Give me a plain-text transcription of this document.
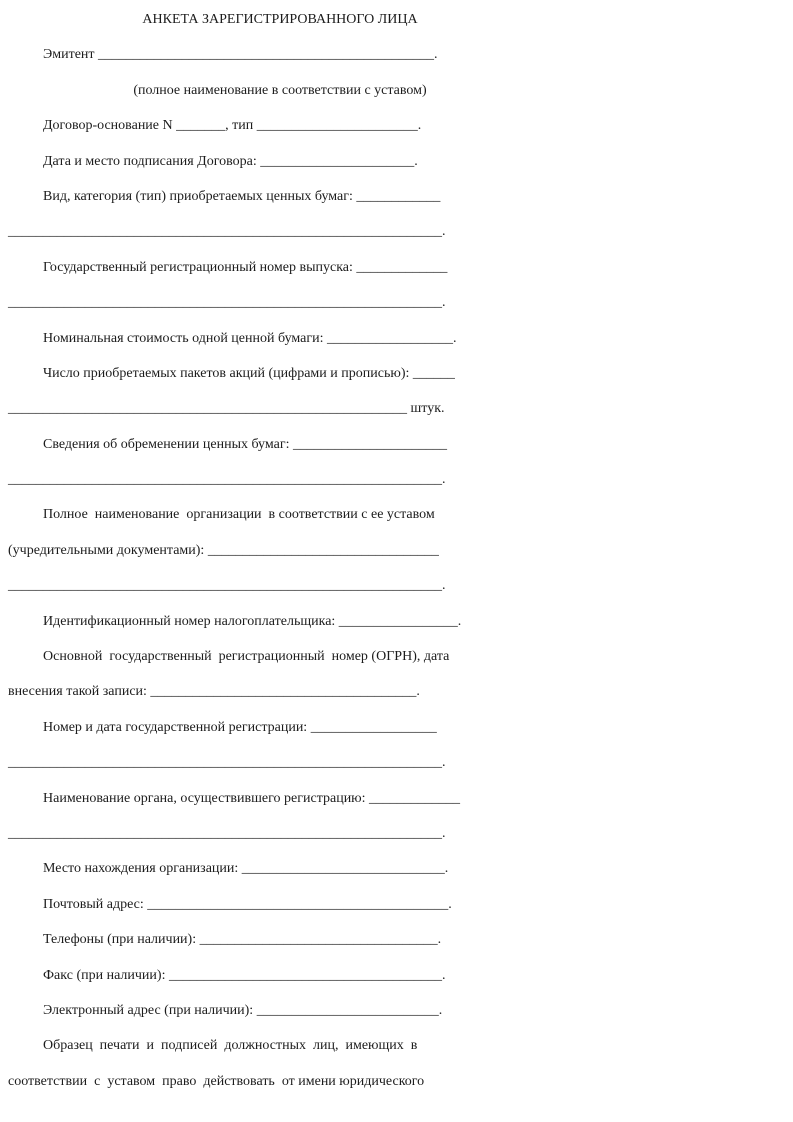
АНКЕТА ЗАРЕГИСТРИРОВАННОГО ЛИЦА
Эмитент ________________________________________________.
(полное наименование в соответствии с уставом)
Договор-основание N _______, тип _______________________.
Дата и место подписания Договора: ______________________.
Вид, категория (тип) приобретаемых ценных бумаг: ____________
______________________________________________________________.
Государственный регистрационный номер выпуска: _____________
______________________________________________________________.
Номинальная стоимость одной ценной бумаги: __________________.
Число приобретаемых пакетов акций (цифрами и прописью): ______
_________________________________________________________ штук.
Сведения об обременении ценных бумаг: ______________________
______________________________________________________________.
Полное  наименование  организации  в соответствии с ее уставом
(учредительными документами): _________________________________
______________________________________________________________.
Идентификационный номер налогоплательщика: _________________.
Основной  государственный  регистрационный  номер (ОГРН), дата
внесения такой записи: ______________________________________.
Номер и дата государственной регистрации: __________________
______________________________________________________________.
Наименование органа, осуществившего регистрацию: _____________
______________________________________________________________.
Место нахождения организации: _____________________________.
Почтовый адрес: ___________________________________________.
Телефоны (при наличии): __________________________________.
Факс (при наличии): _______________________________________.
Электронный адрес (при наличии): __________________________.
Образец  печати  и  подписей  должностных  лиц,  имеющих  в
соответствии  с  уставом  право  действовать  от имени юридического
